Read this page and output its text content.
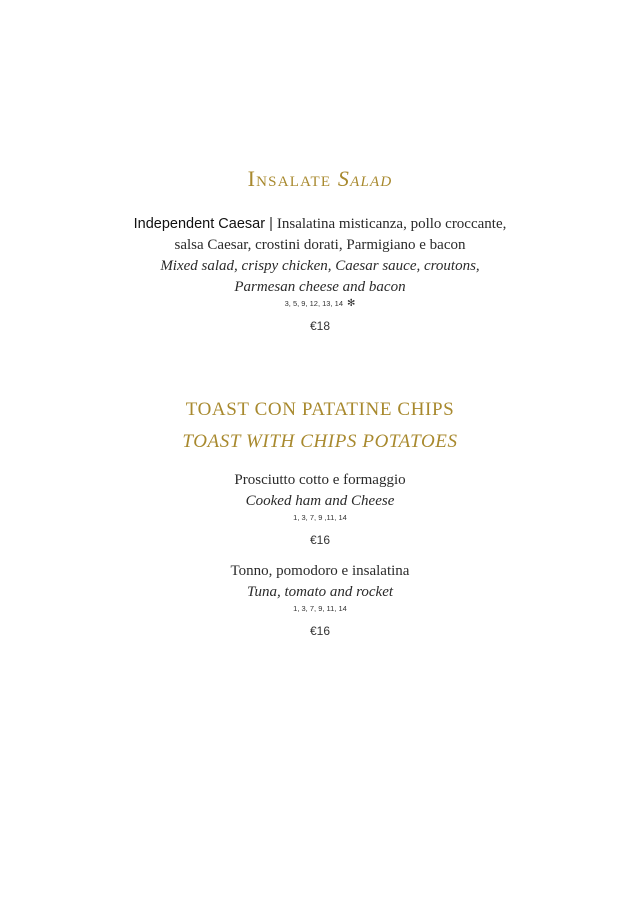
Insalate Salad
Independent Caesar | Insalatina misticanza, pollo croccante,
salsa Caesar, crostini dorati, Parmigiano e bacon
Mixed salad, crispy chicken, Caesar sauce, croutons,
Parmesan cheese and bacon
3, 5, 9, 12, 13, 14 ✻
€18
TOAST CON PATATINE CHIPS
TOAST WITH CHIPS POTATOES
Prosciutto cotto e formaggio
Cooked ham and Cheese
1, 3, 7, 9 ,11, 14
€16
Tonno, pomodoro e insalatina
Tuna, tomato and rocket
1, 3, 7, 9, 11, 14
€16
